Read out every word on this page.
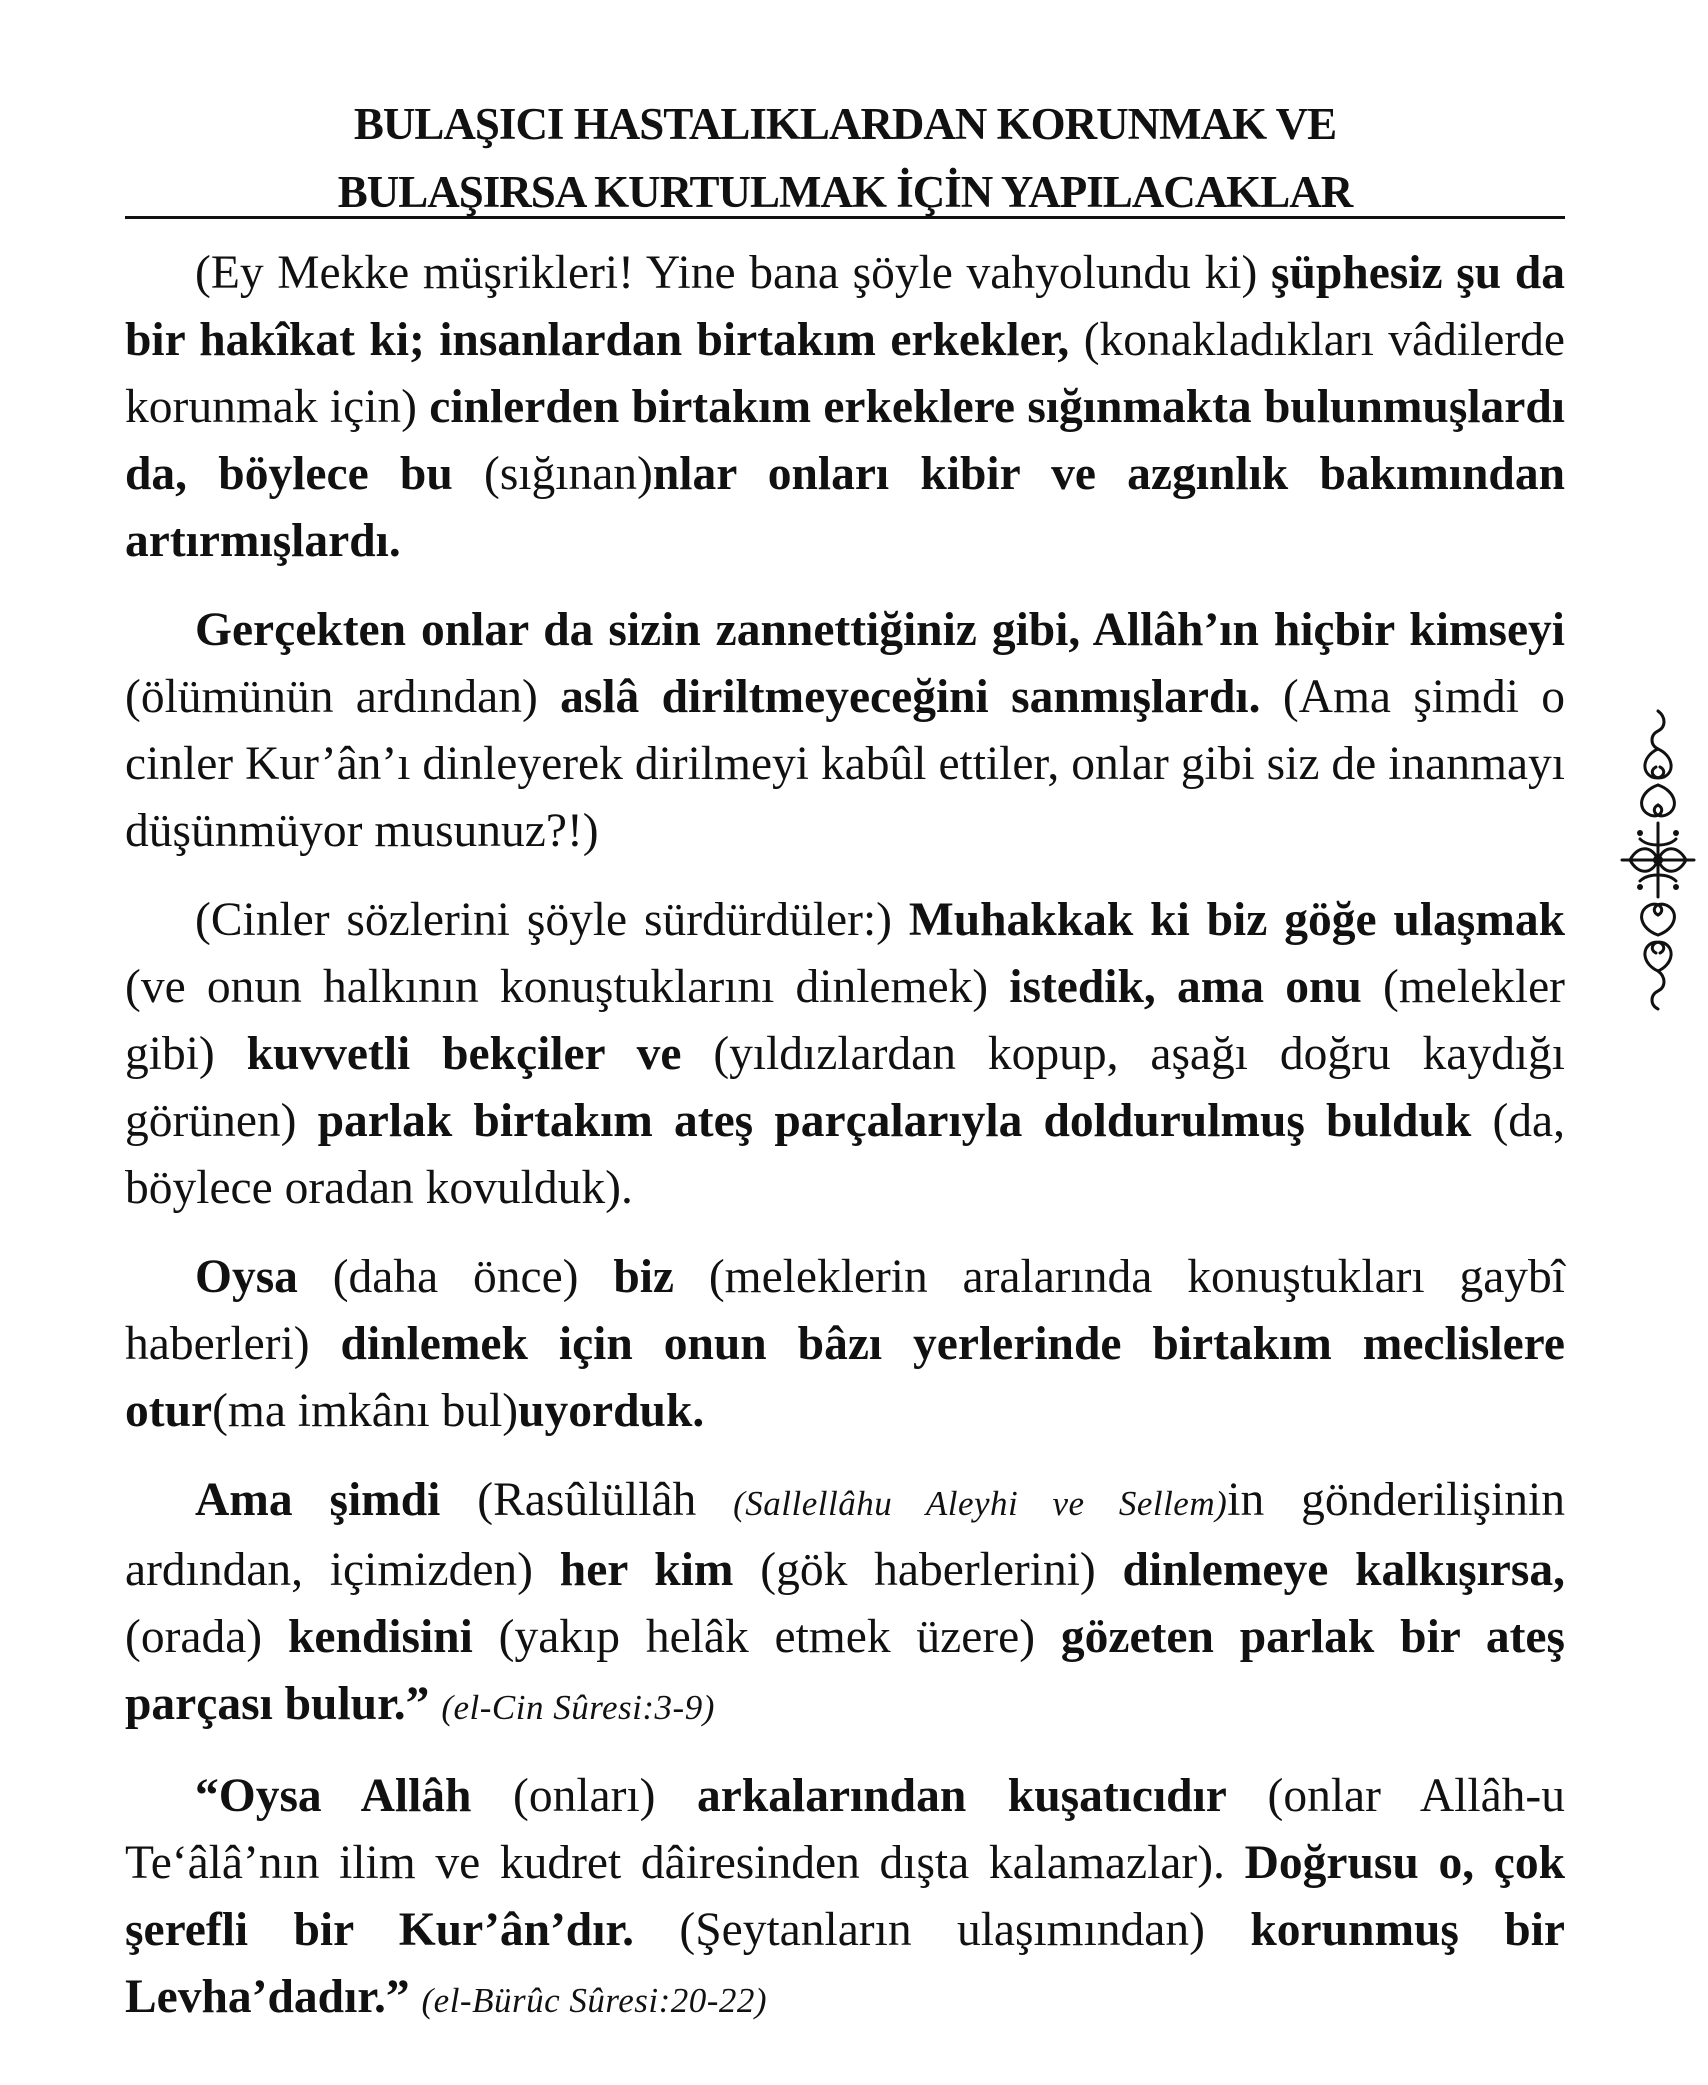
BULAŞICI HASTALIKLARDAN KORUNMAK VE
BULAŞIRSA KURTULMAK İÇİN YAPILACAKLAR

(Ey Mekke müşrikleri! Yine bana şöyle vahyolundu ki) şüphesiz şu da bir hakîkat ki; insanlardan birtakım erkekler, (konakladıkları vâdilerde korunmak için) cinlerden birtakım erkeklere sığınmakta bulunmuşlardı da, böylece bu (sığınan)nlar onları kibir ve azgınlık bakımından artırmışlardı.

Gerçekten onlar da sizin zannettiğiniz gibi, Allâh’ın hiçbir kimseyi (ölümünün ardından) aslâ diriltmeyeceğini sanmışlardı. (Ama şimdi o cinler Kur’ân’ı dinleyerek dirilmeyi kabûl ettiler, onlar gibi siz de inanmayı düşünmüyor musunuz?!)

(Cinler sözlerini şöyle sürdürdüler:) Muhakkak ki biz göğe ulaşmak (ve onun halkının konuştuklarını dinlemek) istedik, ama onu (melekler gibi) kuvvetli bekçiler ve (yıldızlardan kopup, aşağı doğru kaydığı görünen) parlak birtakım ateş parçalarıyla doldurulmuş bulduk (da, böylece oradan kovulduk).

Oysa (daha önce) biz (meleklerin aralarında konuştukları gaybî haberleri) dinlemek için onun bâzı yerlerinde birtakım meclislere otur(ma imkânı bul)uyorduk.

Ama şimdi (Rasûlüllâh (Sallellâhu Aleyhi ve Sellem)in gönderilişinin ardından, içimizden) her kim (gök haberlerini) dinlemeye kalkışırsa, (orada) kendisini (yakıp helâk etmek üzere) gözeten parlak bir ateş parçası bulur.” (el-Cin Sûresi:3-9)

“Oysa Allâh (onları) arkalarından kuşatıcıdır (onlar Allâh-u Te‘âlâ’nın ilim ve kudret dâiresinden dışta kalamazlar). Doğrusu o, çok şerefli bir Kur’ân’dır. (Şeytanların ulaşımından) korunmuş bir Levha’dadır.” (el-Bürûc Sûresi:20-22)
